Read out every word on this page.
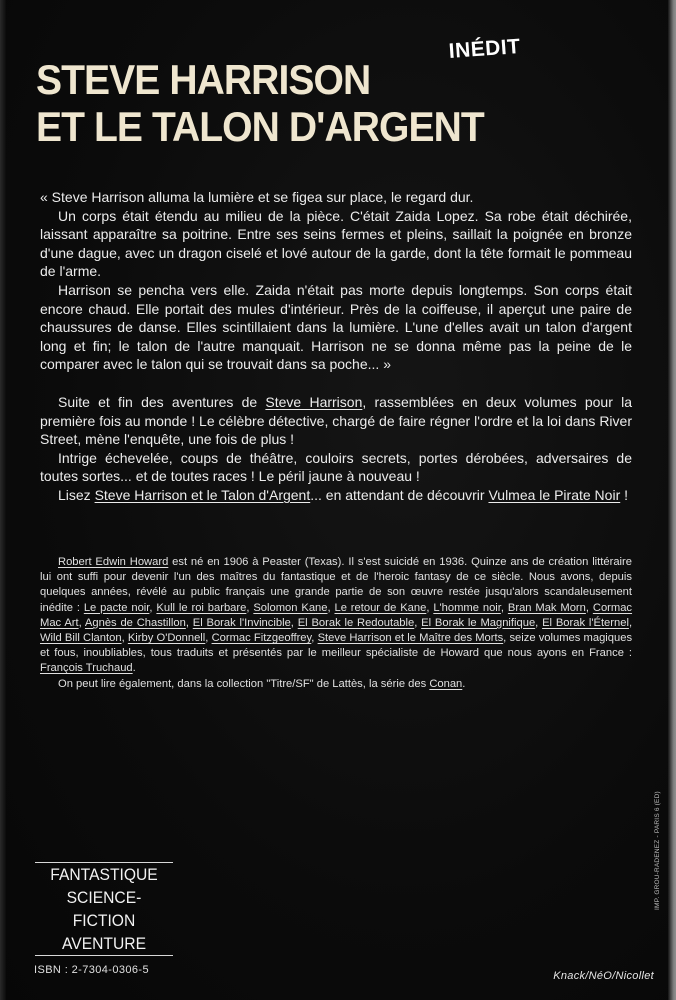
STEVE HARRISON
ET LE TALON D'ARGENT
INÉDIT

« Steve Harrison alluma la lumière et se figea sur place, le regard dur.

Un corps était étendu au milieu de la pièce. C'était Zaida Lopez. Sa robe était déchirée, laissant apparaître sa poitrine. Entre ses seins fermes et pleins, saillait la poignée en bronze d'une dague, avec un dragon ciselé et lové autour de la garde, dont la tête formait le pommeau de l'arme.

Harrison se pencha vers elle. Zaida n'était pas morte depuis longtemps. Son corps était encore chaud. Elle portait des mules d'intérieur. Près de la coiffeuse, il aperçut une paire de chaussures de danse. Elles scintillaient dans la lumière. L'une d'elles avait un talon d'argent long et fin; le talon de l'autre manquait. Harrison ne se donna même pas la peine de le comparer avec le talon qui se trouvait dans sa poche... »

Suite et fin des aventures de Steve Harrison, rassemblées en deux volumes pour la première fois au monde ! Le célèbre détective, chargé de faire régner l'ordre et la loi dans River Street, mène l'enquête, une fois de plus !

Intrige échevelée, coups de théâtre, couloirs secrets, portes dérobées, adversaires de toutes sortes... et de toutes races ! Le péril jaune à nouveau !

Lisez Steve Harrison et le Talon d'Argent... en attendant de découvrir Vulmea le Pirate Noir !

Robert Edwin Howard est né en 1906 à Peaster (Texas). Il s'est suicidé en 1936. Quinze ans de création littéraire lui ont suffi pour devenir l'un des maîtres du fantastique et de l'heroic fantasy de ce siècle. Nous avons, depuis quelques années, révélé au public français une grande partie de son œuvre restée jusqu'alors scandaleusement inédite : Le pacte noir, Kull le roi barbare, Solomon Kane, Le retour de Kane, L'homme noir, Bran Mak Morn, Cormac Mac Art, Agnès de Chastillon, El Borak l'Invincible, El Borak le Redoutable, El Borak le Magnifique, El Borak l'Éternel, Wild Bill Clanton, Kirby O'Donnell, Cormac Fitzgeoffrey, Steve Harrison et le Maître des Morts, seize volumes magiques et fous, inoubliables, tous traduits et présentés par le meilleur spécialiste de Howard que nous ayons en France : François Truchaud.

On peut lire également, dans la collection "Titre/SF" de Lattès, la série des Conan.

FANTASTIQUE
SCIENCE-FICTION
AVENTURE
ISBN : 2-7304-0306-5	Knack/NéO/Nicollet
IMP. GROU-RADENEZ - PARIS 6 (ED)
